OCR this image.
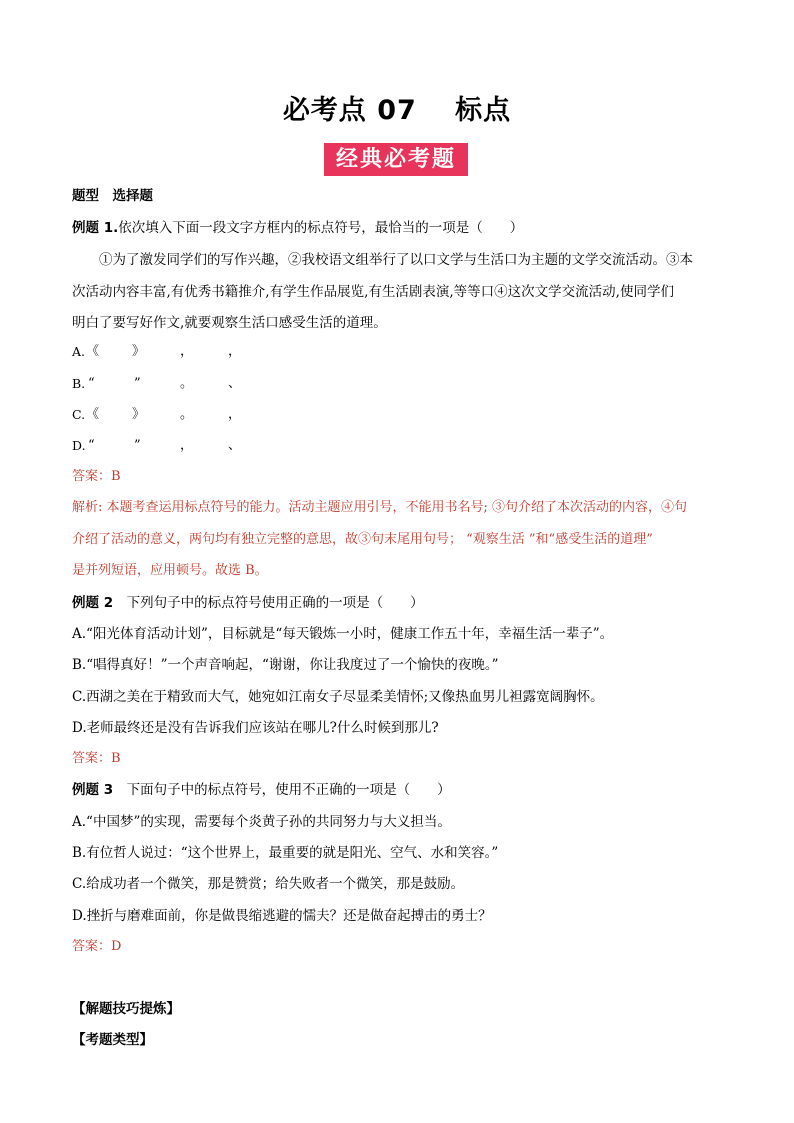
必考点 07　 标点
经典必考题
题型　选择题
例题 1.依次填入下面一段文字方框内的标点符号，最恰当的一项是（　　）
　　①为了激发同学们的写作兴趣，②我校语文组举行了以口文学与生活口为主题的文学交流活动。③本
次活动内容丰富,有优秀书籍推介,有学生作品展览,有生活剧表演,等等口④这次文学交流活动,使同学们
明白了要写好作文,就要观察生活口感受生活的道理。
A. 《	》	，	，
B. “	”	。	、
C. 《	》	。	，
D. “	”	，	、
答案：B
解析: 本题考查运用标点符号的能力。活动主题应用引号，不能用书名号; ③句介绍了本次活动的内容，④句
介绍了活动的意义，两句均有独立完整的意思，故③句末尾用句号； “观察生活 ”和“感受生活的道理”
是并列短语，应用顿号。故选 B。
例题 2　 下列句子中的标点符号使用正确的一项是（　　）
A.“阳光体育活动计划”，目标就是“每天锻炼一小时，健康工作五十年，幸福生活一辈子”。
B.“唱得真好！”一个声音响起，“谢谢，你让我度过了一个愉快的夜晚。”
C.西湖之美在于精致而大气，她宛如江南女子尽显柔美情怀;又像热血男儿袒露宽阔胸怀。
D.老师最终还是没有告诉我们应该站在哪儿?什么时候到那儿?
答案：B
例题 3　 下面句子中的标点符号，使用不正确的一项是（　　）
A.“中国梦”的实现，需要每个炎黄子孙的共同努力与大义担当。
B.有位哲人说过：“这个世界上，最重要的就是阳光、空气、水和笑容。”
C.给成功者一个微笑，那是赞赏；给失败者一个微笑，那是鼓励。
D.挫折与磨难面前，你是做畏缩逃避的懦夫？还是做奋起搏击的勇士？
答案：D
【解题技巧提炼】
【考题类型】
